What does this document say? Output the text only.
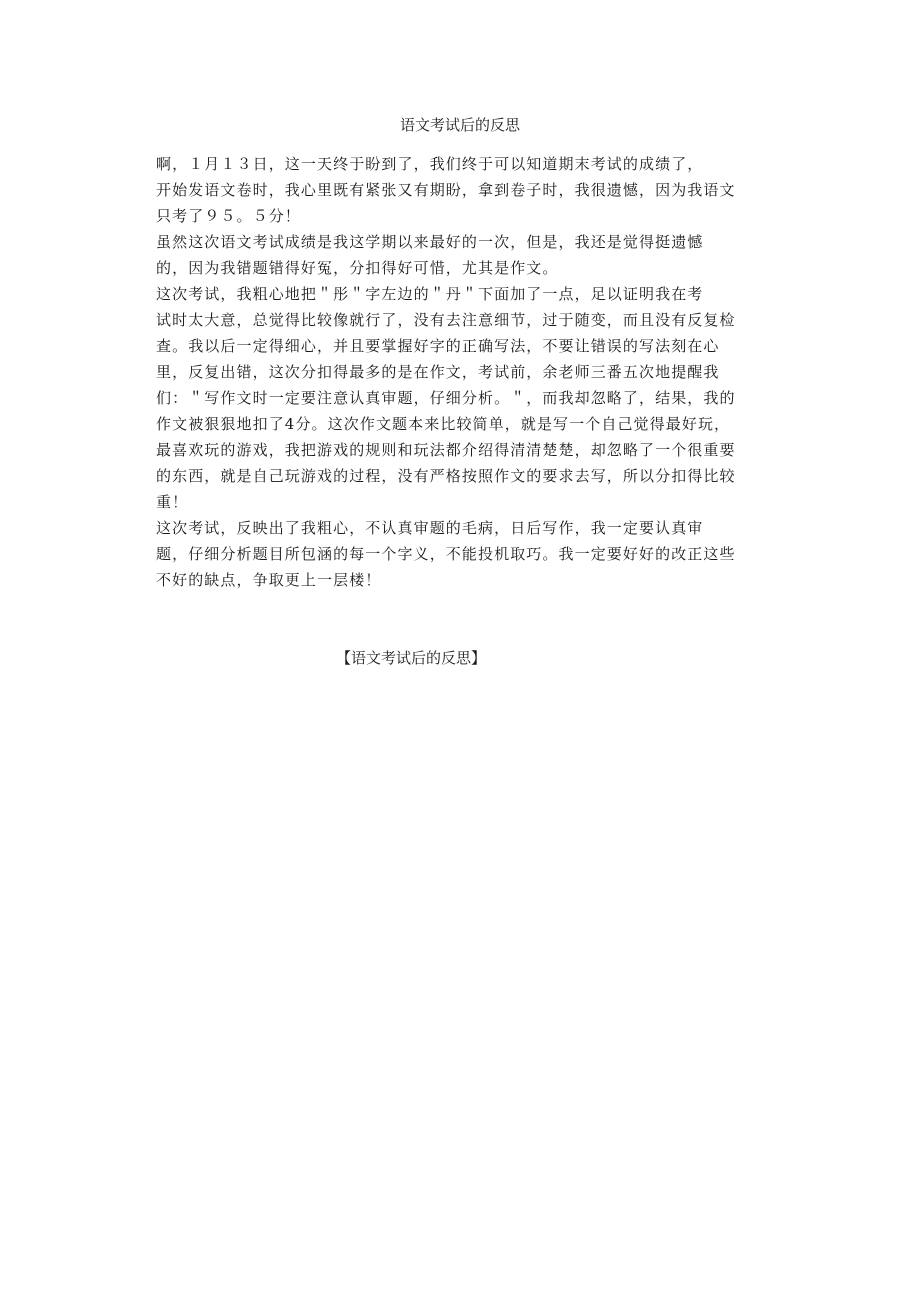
语文考试后的反思
啊，１月１３日，这一天终于盼到了，我们终于可以知道期末考试的成绩了，
开始发语文卷时，我心里既有紧张又有期盼，拿到卷子时，我很遗憾，因为我语文
只考了９５。５分！
虽然这次语文考试成绩是我这学期以来最好的一次，但是，我还是觉得挺遗憾
的，因为我错题错得好冤，分扣得好可惜，尤其是作文。
这次考试，我粗心地把＂彤＂字左边的＂丹＂下面加了一点，足以证明我在考
试时太大意，总觉得比较像就行了，没有去注意细节，过于随变，而且没有反复检
查。我以后一定得细心，并且要掌握好字的正确写法，不要让错误的写法刻在心
里，反复出错，这次分扣得最多的是在作文，考试前，余老师三番五次地提醒我
们：＂写作文时一定要注意认真审题，仔细分析。＂，而我却忽略了，结果，我的
作文被狠狠地扣了4分。这次作文题本来比较简单，就是写一个自己觉得最好玩，
最喜欢玩的游戏，我把游戏的规则和玩法都介绍得清清楚楚，却忽略了一个很重要
的东西，就是自己玩游戏的过程，没有严格按照作文的要求去写，所以分扣得比较
重！
这次考试，反映出了我粗心，不认真审题的毛病，日后写作，我一定要认真审
题，仔细分析题目所包涵的每一个字义，不能投机取巧。我一定要好好的改正这些
不好的缺点，争取更上一层楼！
【语文考试后的反思】
